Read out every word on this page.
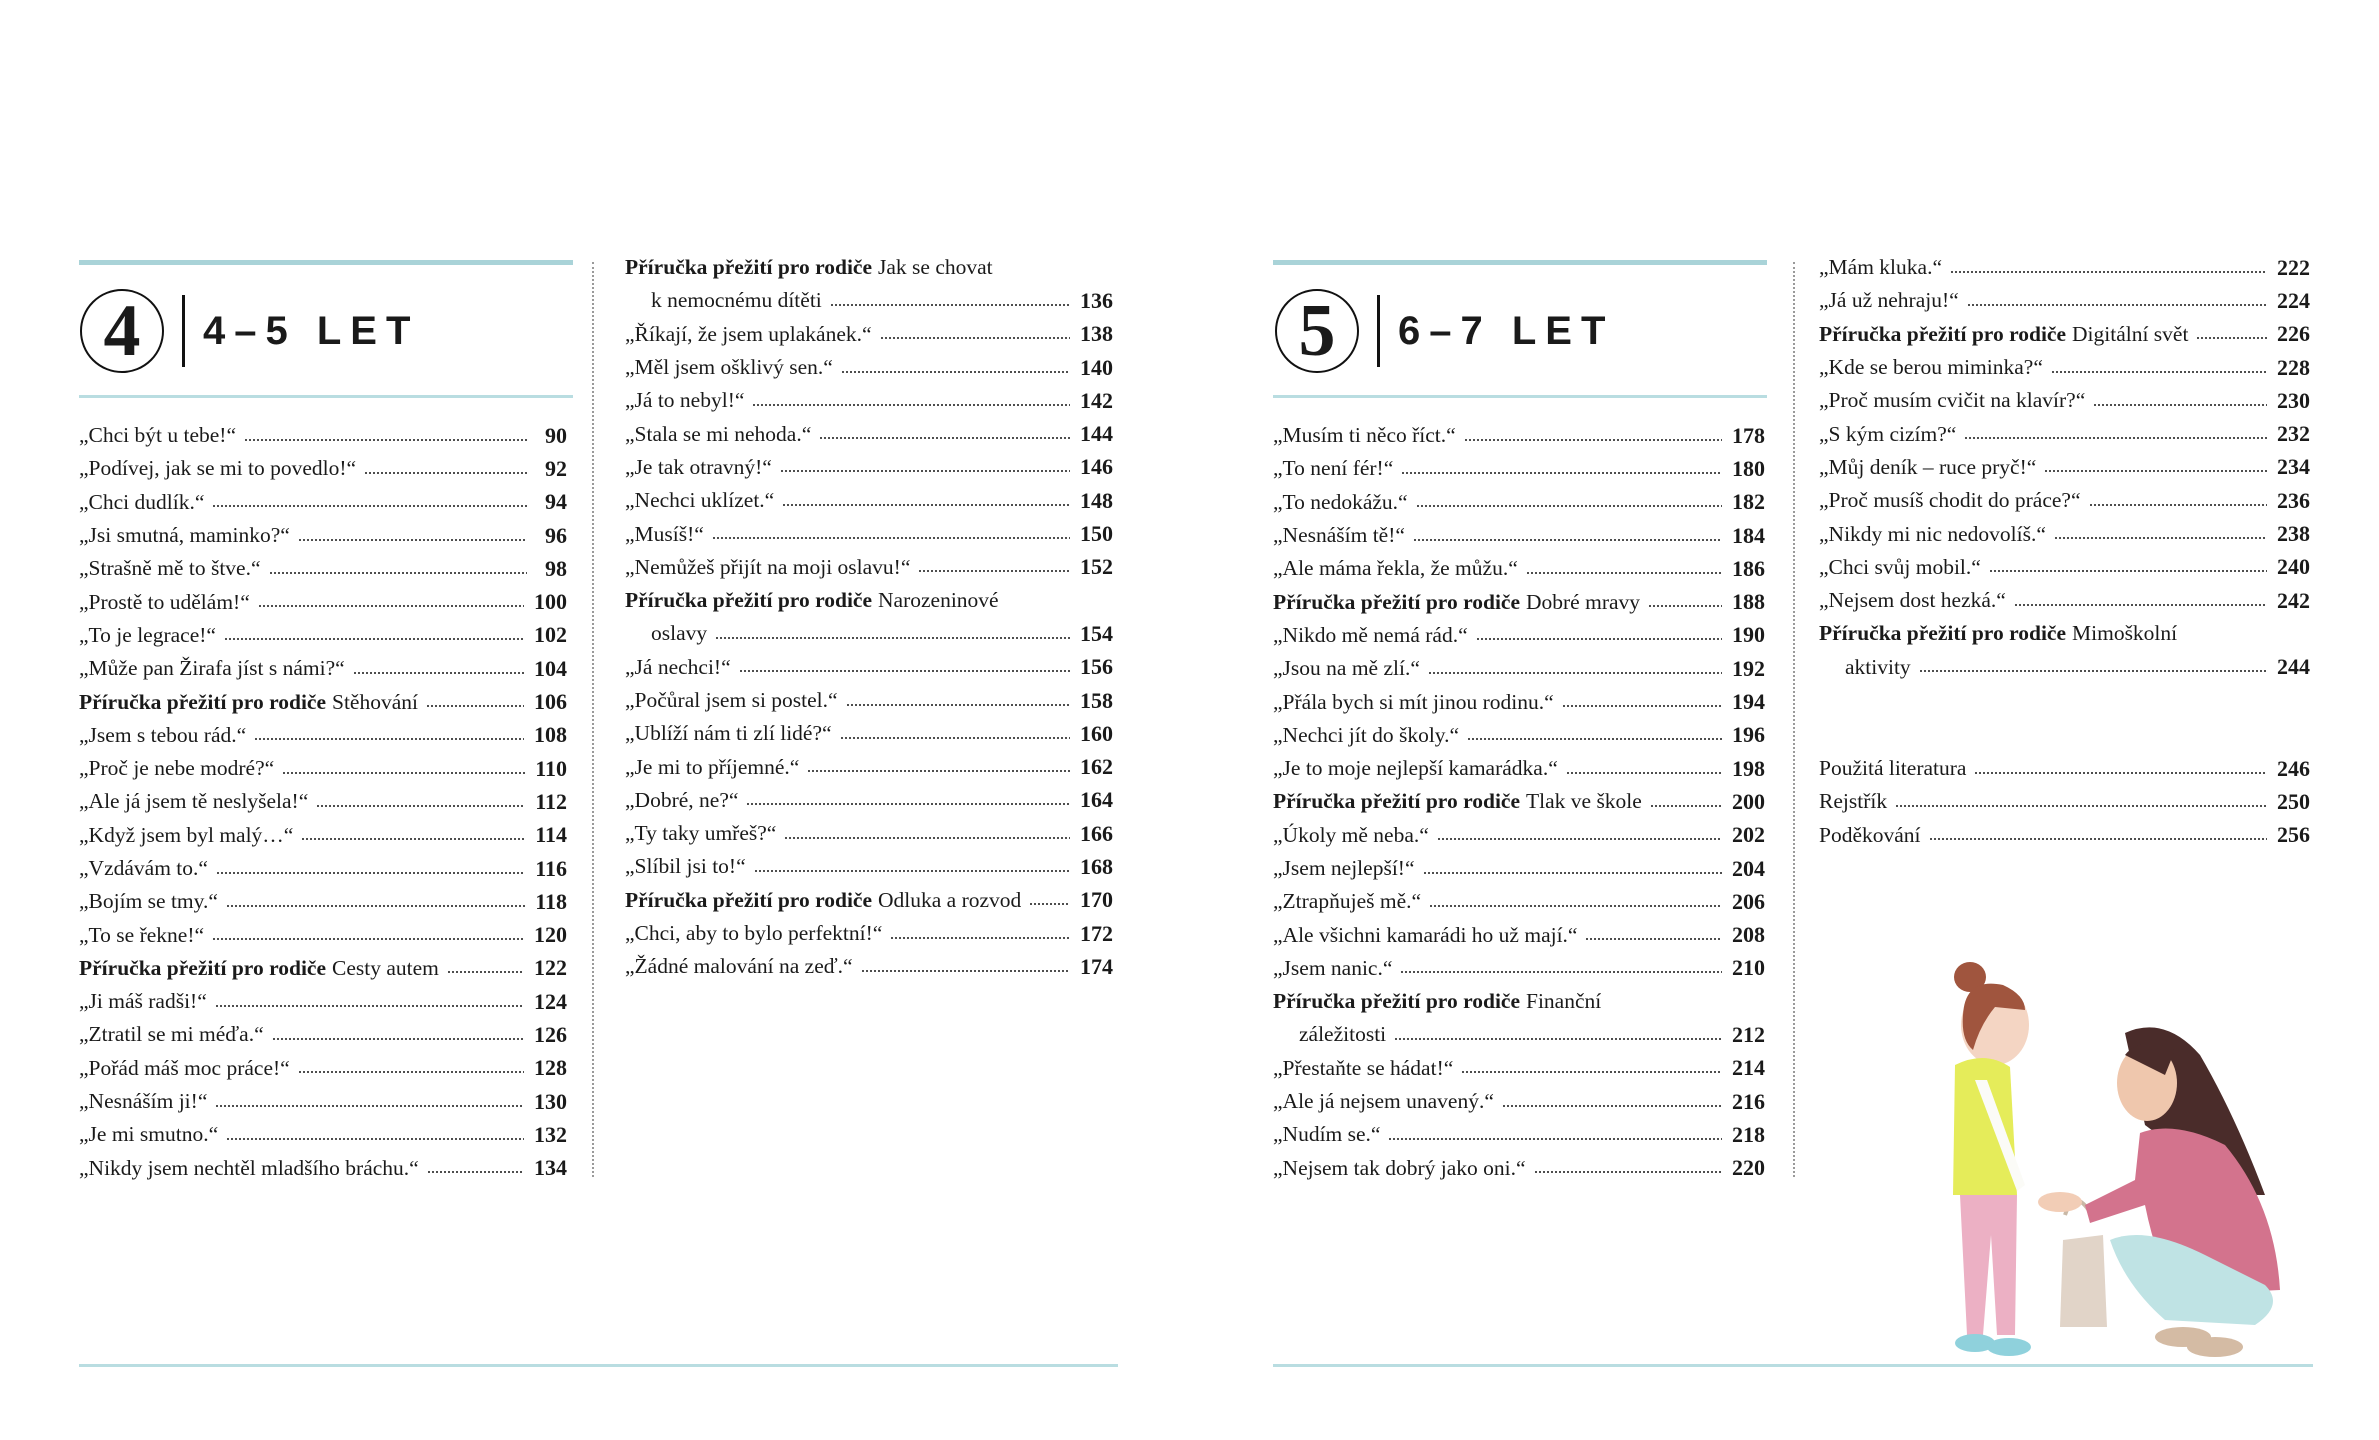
4 4–5 LET
„Chci být u tebe!“	90
„Podívej, jak se mi to povedlo!“	92
„Chci dudlík.“	94
„Jsi smutná, maminko?“	96
„Strašně mě to štve.“	98
„Prostě to udělám!“	100
„To je legrace!“	102
„Může pan Žirafa jíst s námi?“	104
Příručka přežití pro rodiče Stěhování	106
„Jsem s tebou rád.“	108
„Proč je nebe modré?“	110
„Ale já jsem tě neslyšela!“	112
„Když jsem byl malý…“	114
„Vzdávám to.“	116
„Bojím se tmy.“	118
„To se řekne!“	120
Příručka přežití pro rodiče Cesty autem	122
„Ji máš radši!“	124
„Ztratil se mi méďa.“	126
„Pořád máš moc práce!“	128
„Nesnáším ji!“	130
„Je mi smutno.“	132
„Nikdy jsem nechtěl mladšího bráchu.“	134
Příručka přežití pro rodiče Jak se chovat
k nemocnému dítěti	136
„Říkají, že jsem uplakánek.“	138
„Měl jsem ošklivý sen.“	140
„Já to nebyl!“	142
„Stala se mi nehoda.“	144
„Je tak otravný!“	146
„Nechci uklízet.“	148
„Musíš!“	150
„Nemůžeš přijít na moji oslavu!“	152
Příručka přežití pro rodiče Narozeninové
oslavy	154
„Já nechci!“	156
„Počůral jsem si postel.“	158
„Ublíží nám ti zlí lidé?“	160
„Je mi to příjemné.“	162
„Dobré, ne?“	164
„Ty taky umřeš?“	166
„Slíbil jsi to!“	168
Příručka přežití pro rodiče Odluka a rozvod	170
„Chci, aby to bylo perfektní!“	172
„Žádné malování na zeď.“	174
5 6–7 LET
„Musím ti něco říct.“	178
„To není fér!“	180
„To nedokážu.“	182
„Nesnáším tě!“	184
„Ale máma řekla, že můžu.“	186
Příručka přežití pro rodiče Dobré mravy	188
„Nikdo mě nemá rád.“	190
„Jsou na mě zlí.“	192
„Přála bych si mít jinou rodinu.“	194
„Nechci jít do školy.“	196
„Je to moje nejlepší kamarádka.“	198
Příručka přežití pro rodiče Tlak ve škole	200
„Úkoly mě neba.“	202
„Jsem nejlepší!“	204
„Ztrapňuješ mě.“	206
„Ale všichni kamarádi ho už mají.“	208
„Jsem nanic.“	210
Příručka přežití pro rodiče Finanční
záležitosti	212
„Přestaňte se hádat!“	214
„Ale já nejsem unavený.“	216
„Nudím se.“	218
„Nejsem tak dobrý jako oni.“	220
„Mám kluka.“	222
„Já už nehraju!“	224
Příručka přežití pro rodiče Digitální svět	226
„Kde se berou miminka?“	228
„Proč musím cvičit na klavír?“	230
„S kým cizím?“	232
„Můj deník – ruce pryč!“	234
„Proč musíš chodit do práce?“	236
„Nikdy mi nic nedovolíš.“	238
„Chci svůj mobil.“	240
„Nejsem dost hezká.“	242
Příručka přežití pro rodiče Mimoškolní
aktivity	244
Použitá literatura	246
Rejstřík	250
Poděkování	256
